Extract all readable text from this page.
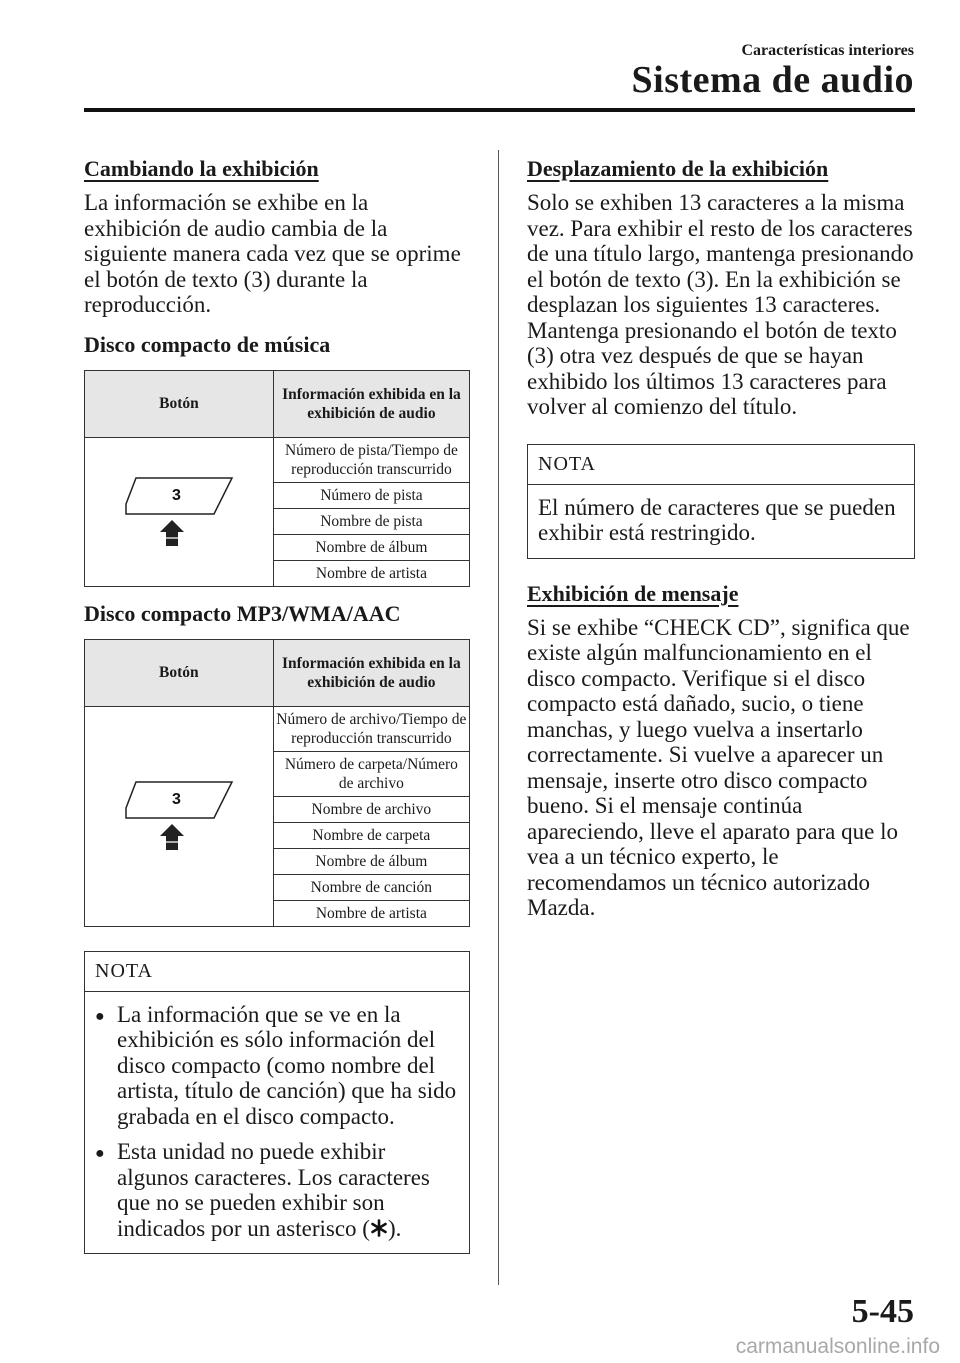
Características interiores
Sistema de audio
Cambiando la exhibición

La información se exhibe en la exhibición de audio cambia de la siguiente manera cada vez que se oprime el botón de texto (3) durante la reproducción.

Disco compacto de música
Botón	Información exhibida en la exhibición de audio

3	Número de pista/Tiempo de reproducción transcurrido
	Número de pista
	Nombre de pista
	Nombre de álbum
	Nombre de artista
Disco compacto MP3/WMA/AAC
Botón	Información exhibida en la exhibición de audio

3	Número de archivo/Tiempo de reproducción transcurrido
	Número de carpeta/Número de archivo
	Nombre de archivo
	Nombre de carpeta
	Nombre de álbum
	Nombre de canción
	Nombre de artista
NOTA
● La información que se ve en la exhibición es sólo información del disco compacto (como nombre del artista, título de canción) que ha sido grabada en el disco compacto.
● Esta unidad no puede exhibir algunos caracteres. Los caracteres que no se pueden exhibir son indicados por un asterisco ( ).
Desplazamiento de la exhibición

Solo se exhiben 13 caracteres a la misma vez. Para exhibir el resto de los caracteres de una título largo, mantenga presionando el botón de texto (3). En la exhibición se desplazan los siguientes 13 caracteres. Mantenga presionando el botón de texto (3) otra vez después de que se hayan exhibido los últimos 13 caracteres para volver al comienzo del título.

NOTA
El número de caracteres que se pueden exhibir está restringido.
Exhibición de mensaje

Si se exhibe “CHECK CD”, significa que existe algún malfuncionamiento en el disco compacto. Verifique si el disco compacto está dañado, sucio, o tiene manchas, y luego vuelva a insertarlo correctamente. Si vuelve a aparecer un mensaje, inserte otro disco compacto bueno. Si el mensaje continúa apareciendo, lleve el aparato para que lo vea a un técnico experto, le recomendamos un técnico autorizado Mazda.

5-45
carmanualsonline.info
